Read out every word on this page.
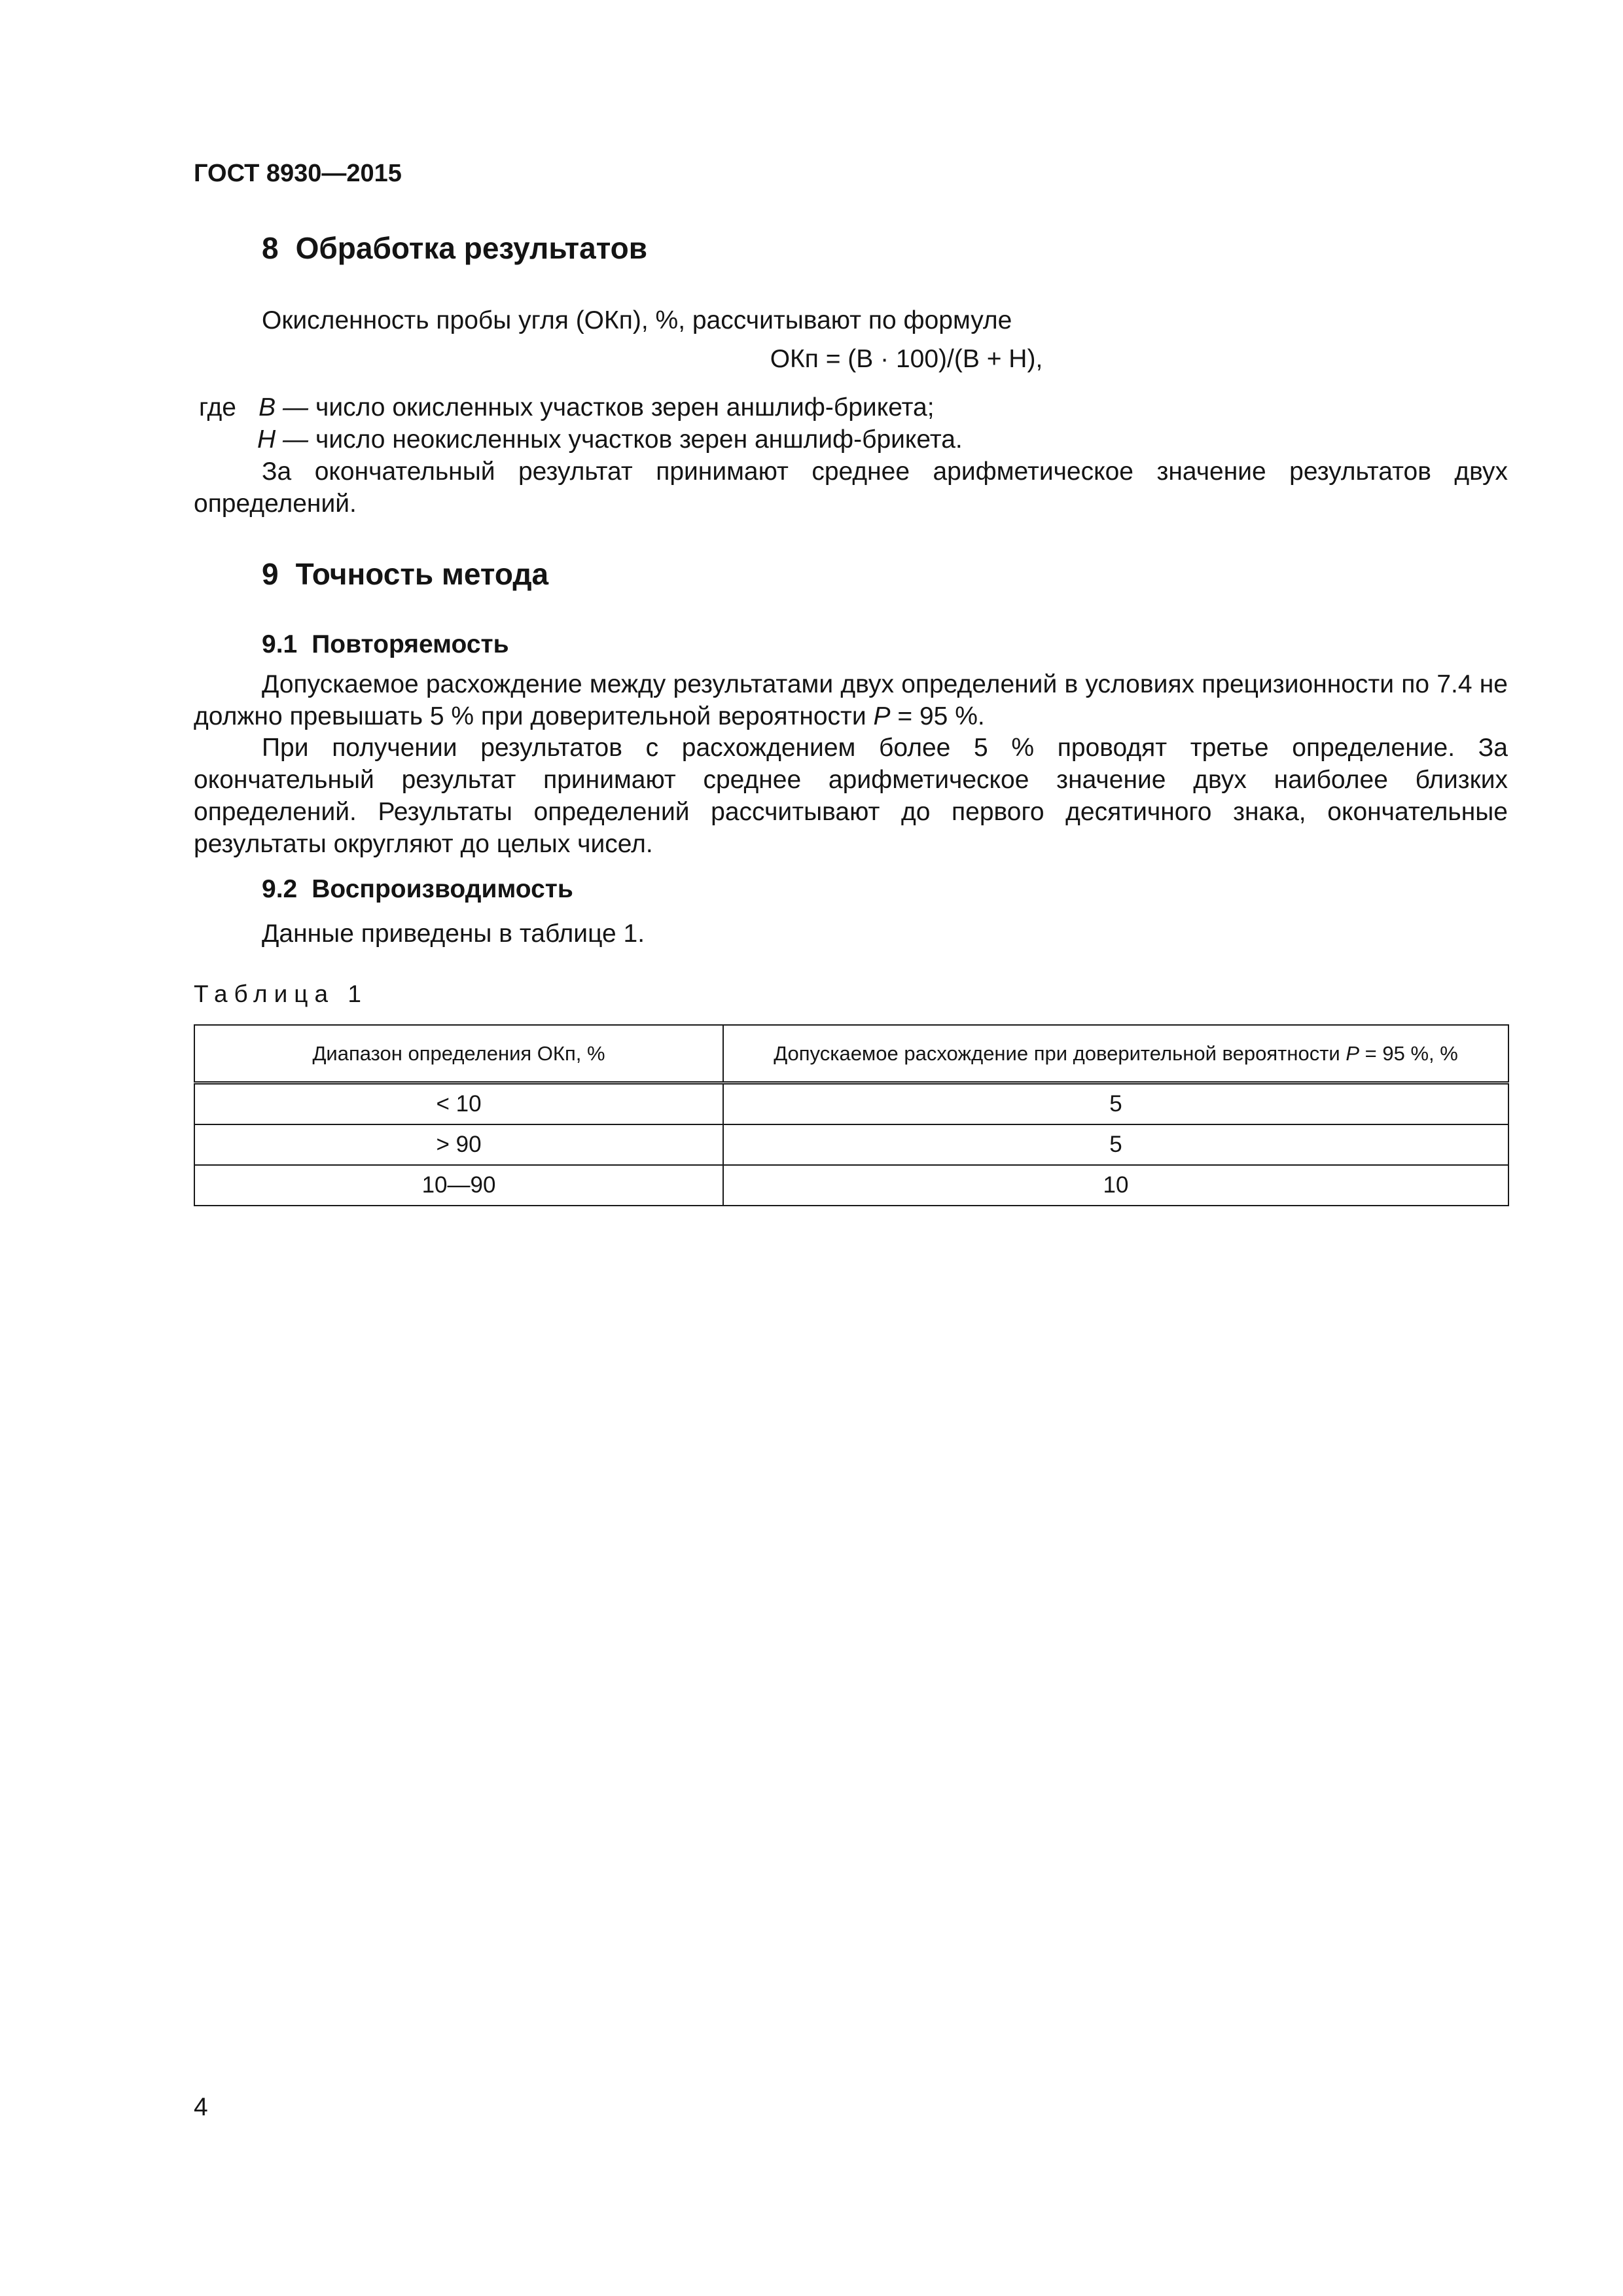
ГОСТ 8930—2015
8 Обработка результатов
Окисленность пробы угля (ОКп), %, рассчитывают по формуле
ОКп = (В · 100)/(В + Н),
где В — число окисленных участков зерен аншлиф-брикета;
Н — число неокисленных участков зерен аншлиф-брикета.

За окончательный результат принимают среднее арифметическое значение результатов двух определений.

9 Точность метода
9.1 Повторяемость

Допускаемое расхождение между результатами двух определений в условиях прецизионности по 7.4 не должно превышать 5 % при доверительной вероятности Р = 95 %.

При получении результатов с расхождением более 5 % проводят третье определение. За окончательный результат принимают среднее арифметическое значение двух наиболее близких определений. Результаты определений рассчитывают до первого десятичного знака, окончательные результаты округляют до целых чисел.

9.2 Воспроизводимость
Данные приведены в таблице 1.
Таблица 1
Диапазон определения ОКп, %	Допускаемое расхождение при доверительной вероятности Р = 95 %, %
< 10	5
> 90	5
10—90	10
4
